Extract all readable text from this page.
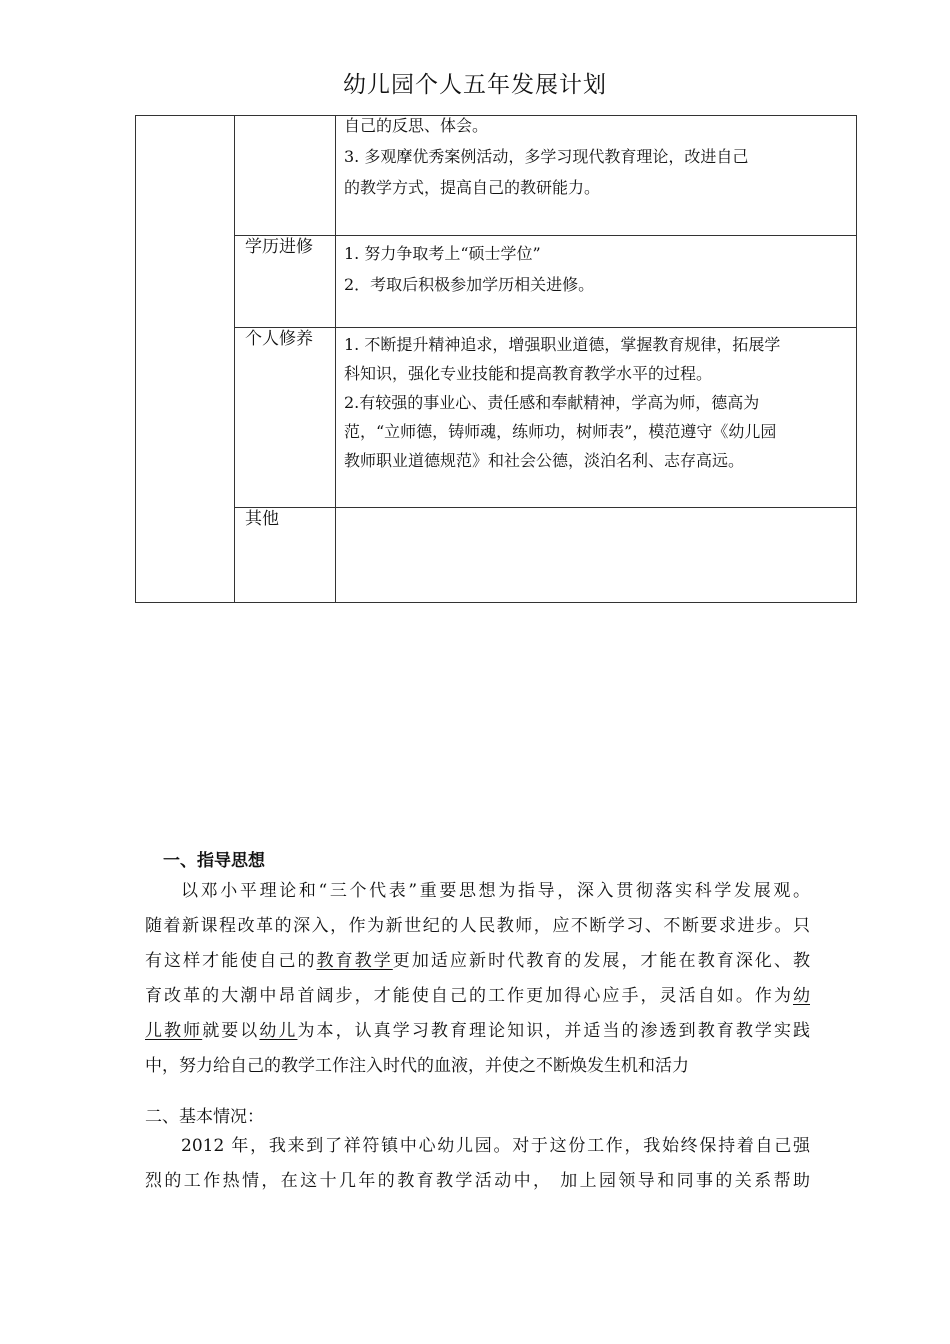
幼儿园个人五年发展计划

		自己的反思、体会。
3. 多观摩优秀案例活动，多学习现代教育理论，改进自己
的教学方式，提高自己的教研能力。

	学历进修	1. 努力争取考上“硕士学位”
2．考取后积极参加学历相关进修。

	个人修养	1. 不断提升精神追求，增强职业道德，掌握教育规律，拓展学
科知识，强化专业技能和提高教育教学水平的过程。
2.有较强的事业心、责任感和奉献精神，学高为师，德高为
范，“立师德，铸师魂，练师功，树师表”，模范遵守《幼儿园
教师职业道德规范》和社会公德，淡泊名利、志存高远。

	其他	

一、指导思想
以邓小平理论和“三个代表”重要思想为指导，深入贯彻落实科学发展观。
随着新课程改革的深入，作为新世纪的人民教师，应不断学习、不断要求进步。只
有这样才能使自己的教育教学更加适应新时代教育的发展，才能在教育深化、教
育改革的大潮中昂首阔步，才能使自己的工作更加得心应手，灵活自如。作为幼
儿教师就要以幼儿为本，认真学习教育理论知识，并适当的渗透到教育教学实践
中，努力给自己的教学工作注入时代的血液，并使之不断焕发生机和活力
二、基本情况：
2012 年，我来到了祥符镇中心幼儿园。对于这份工作，我始终保持着自己强
烈的工作热情，在这十几年的教育教学活动中， 加上园领导和同事的关系帮助
